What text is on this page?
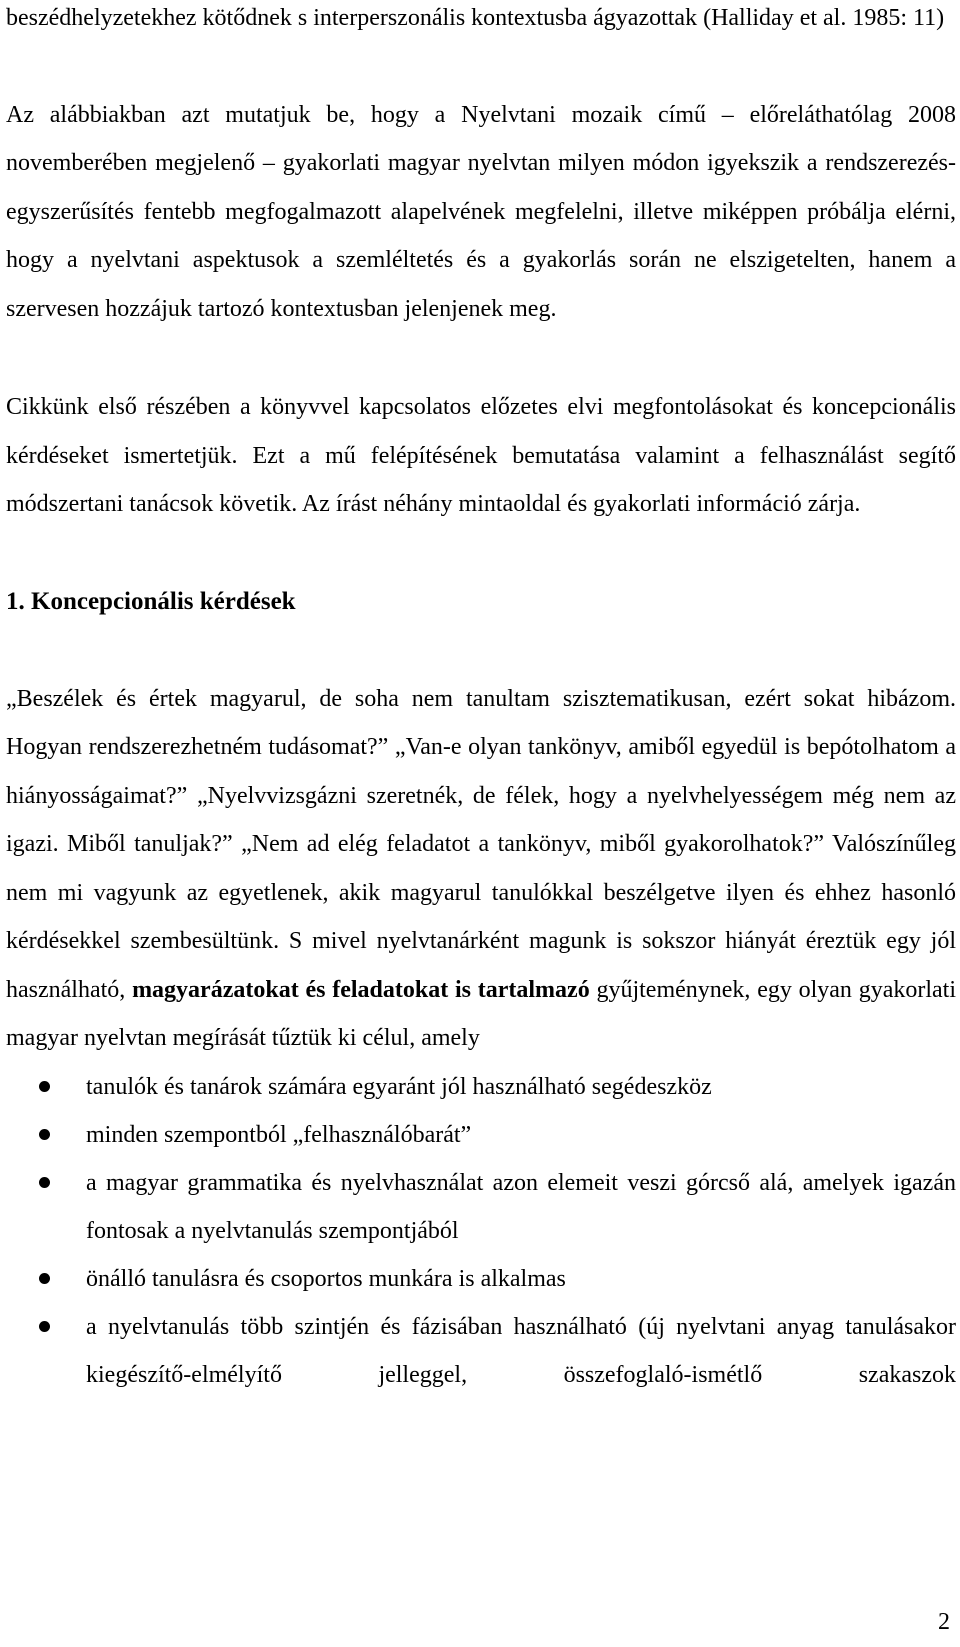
beszédhelyzetekhez kötődnek s interperszonális kontextusba ágyazottak (Halliday et al. 1985: 11)

Az alábbiakban azt mutatjuk be, hogy a Nyelvtani mozaik című – előreláthatólag 2008 novemberében megjelenő – gyakorlati magyar nyelvtan milyen módon igyekszik a rendszerezés-egyszerűsítés fentebb megfogalmazott alapelvének megfelelni, illetve miképpen próbálja elérni, hogy a nyelvtani aspektusok a szemléltetés és a gyakorlás során ne elszigetelten, hanem a szervesen hozzájuk tartozó kontextusban jelenjenek meg.

Cikkünk első részében a könyvvel kapcsolatos előzetes elvi megfontolásokat és koncepcionális kérdéseket ismertetjük. Ezt a mű felépítésének bemutatása valamint a felhasználást segítő módszertani tanácsok követik. Az írást néhány mintaoldal és gyakorlati információ zárja.

1. Koncepcionális kérdések

„Beszélek és értek magyarul, de soha nem tanultam szisztematikusan, ezért sokat hibázom. Hogyan rendszerezhetném tudásomat?” „Van-e olyan tankönyv, amiből egyedül is bepótolhatom a hiányosságaimat?” „Nyelvvizsgázni szeretnék, de félek, hogy a nyelvhelyességem még nem az igazi. Miből tanuljak?” „Nem ad elég feladatot a tankönyv, miből gyakorolhatok?” Valószínűleg nem mi vagyunk az egyetlenek, akik magyarul tanulókkal beszélgetve ilyen és ehhez hasonló kérdésekkel szembesültünk. S mivel nyelvtanárként magunk is sokszor hiányát éreztük egy jól használható, magyarázatokat és feladatokat is tartalmazó gyűjteménynek, egy olyan gyakorlati magyar nyelvtan megírását tűztük ki célul, amely

tanulók és tanárok számára egyaránt jól használható segédeszköz
minden szempontból „felhasználóbarát”
a magyar grammatika és nyelvhasználat azon elemeit veszi górcső alá, amelyek igazán fontosak a nyelvtanulás szempontjából
önálló tanulásra és csoportos munkára is alkalmas
a nyelvtanulás több szintjén és fázisában használható (új nyelvtani anyag tanulásakor kiegészítő-elmélyítő jelleggel, összefoglaló-ismétlő szakaszok
2
